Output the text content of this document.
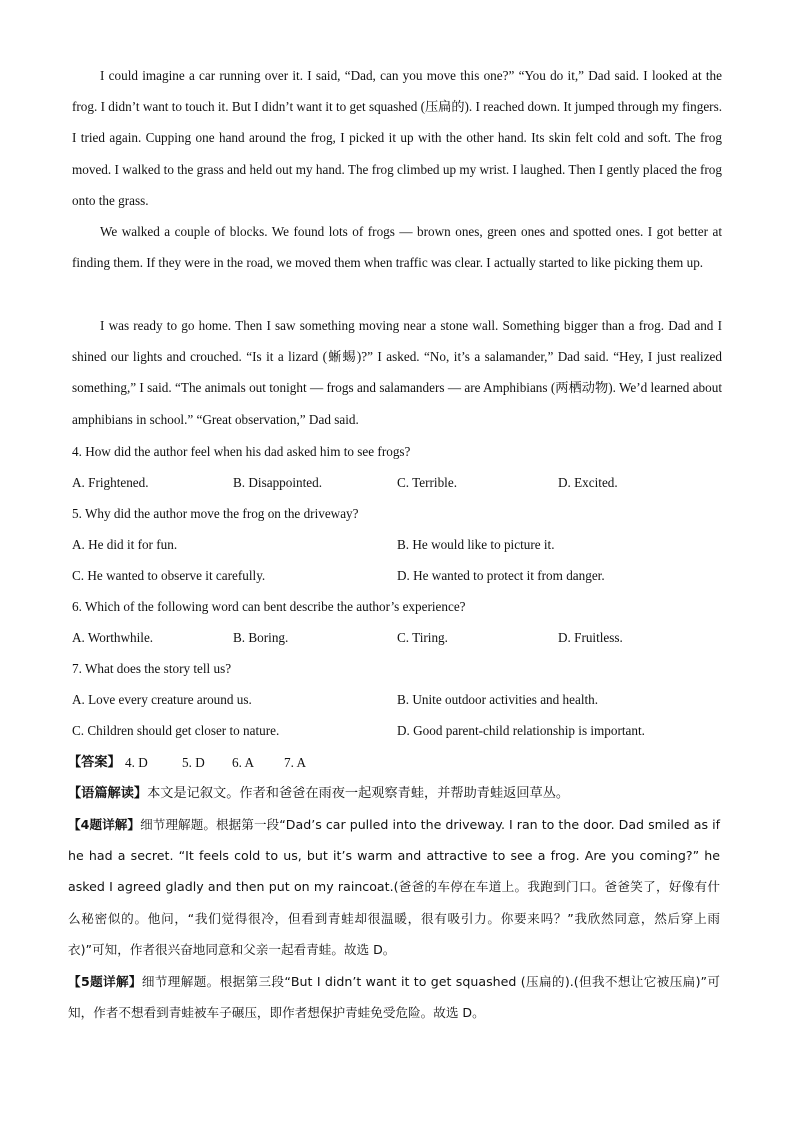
I could imagine a car running over it. I said, “Dad, can you move this one?” “You do it,” Dad said. I looked at the frog. I didn’t want to touch it. But I didn’t want it to get squashed (压扁的). I reached down. It jumped through my fingers. I tried again. Cupping one hand around the frog, I picked it up with the other hand. Its skin felt cold and soft. The frog moved. I walked to the grass and held out my hand. The frog climbed up my wrist. I laughed. Then I gently placed the frog onto the grass.

We walked a couple of blocks. We found lots of frogs — brown ones, green ones and spotted ones. I got better at finding them. If they were in the road, we moved them when traffic was clear. I actually started to like picking them up.

I was ready to go home. Then I saw something moving near a stone wall. Something bigger than a frog. Dad and I shined our lights and crouched. “Is it a lizard (蜥蜴)?” I asked. “No, it’s a salamander,” Dad said. “Hey, I just realized something,” I said. “The animals out tonight — frogs and salamanders — are Amphibians (两栖动物). We’d learned about amphibians in school.” “Great observation,” Dad said.

4. How did the author feel when his dad asked him to see frogs?

A. Frightened.	B. Disappointed.	C. Terrible.	D. Excited.

5. Why did the author move the frog on the driveway?

A. He did it for fun.	B. He would like to picture it.
C. He wanted to observe it carefully.	D. He wanted to protect it from danger.

6. Which of the following word can bent describe the author’s experience?

A. Worthwhile.	B. Boring.	C. Tiring.	D. Fruitless.

7. What does the story tell us?

A. Love every creature around us.	B. Unite outdoor activities and health.
C. Children should get closer to nature.	D. Good parent-child relationship is important.
【答案】 4. D	5. D 6. A 7. A

【语篇解读】本文是记叙文。作者和爸爸在雨夜一起观察青蛙，并帮助青蛙返回草丛。

【4题详解】细节理解题。根据第一段“Dad’s car pulled into the driveway. I ran to the door. Dad smiled as if he had a secret. “It feels cold to us, but it’s warm and attractive to see a frog. Are you coming?” he asked I agreed gladly and then put on my raincoat.(爸爸的车停在车道上。我跑到门口。爸爸笑了，好像有什么秘密似的。他问，“我们觉得很冷，但看到青蛙却很温暖，很有吸引力。你要来吗？”我欣然同意，然后穿上雨衣)”可知，作者很兴奋地同意和父亲一起看青蛙。故选 D。

【5题详解】细节理解题。根据第三段“But I didn’t want it to get squashed (压扁的).(但我不想让它被压扁)”可知，作者不想看到青蛙被车子碾压，即作者想保护青蛙免受危险。故选 D。
